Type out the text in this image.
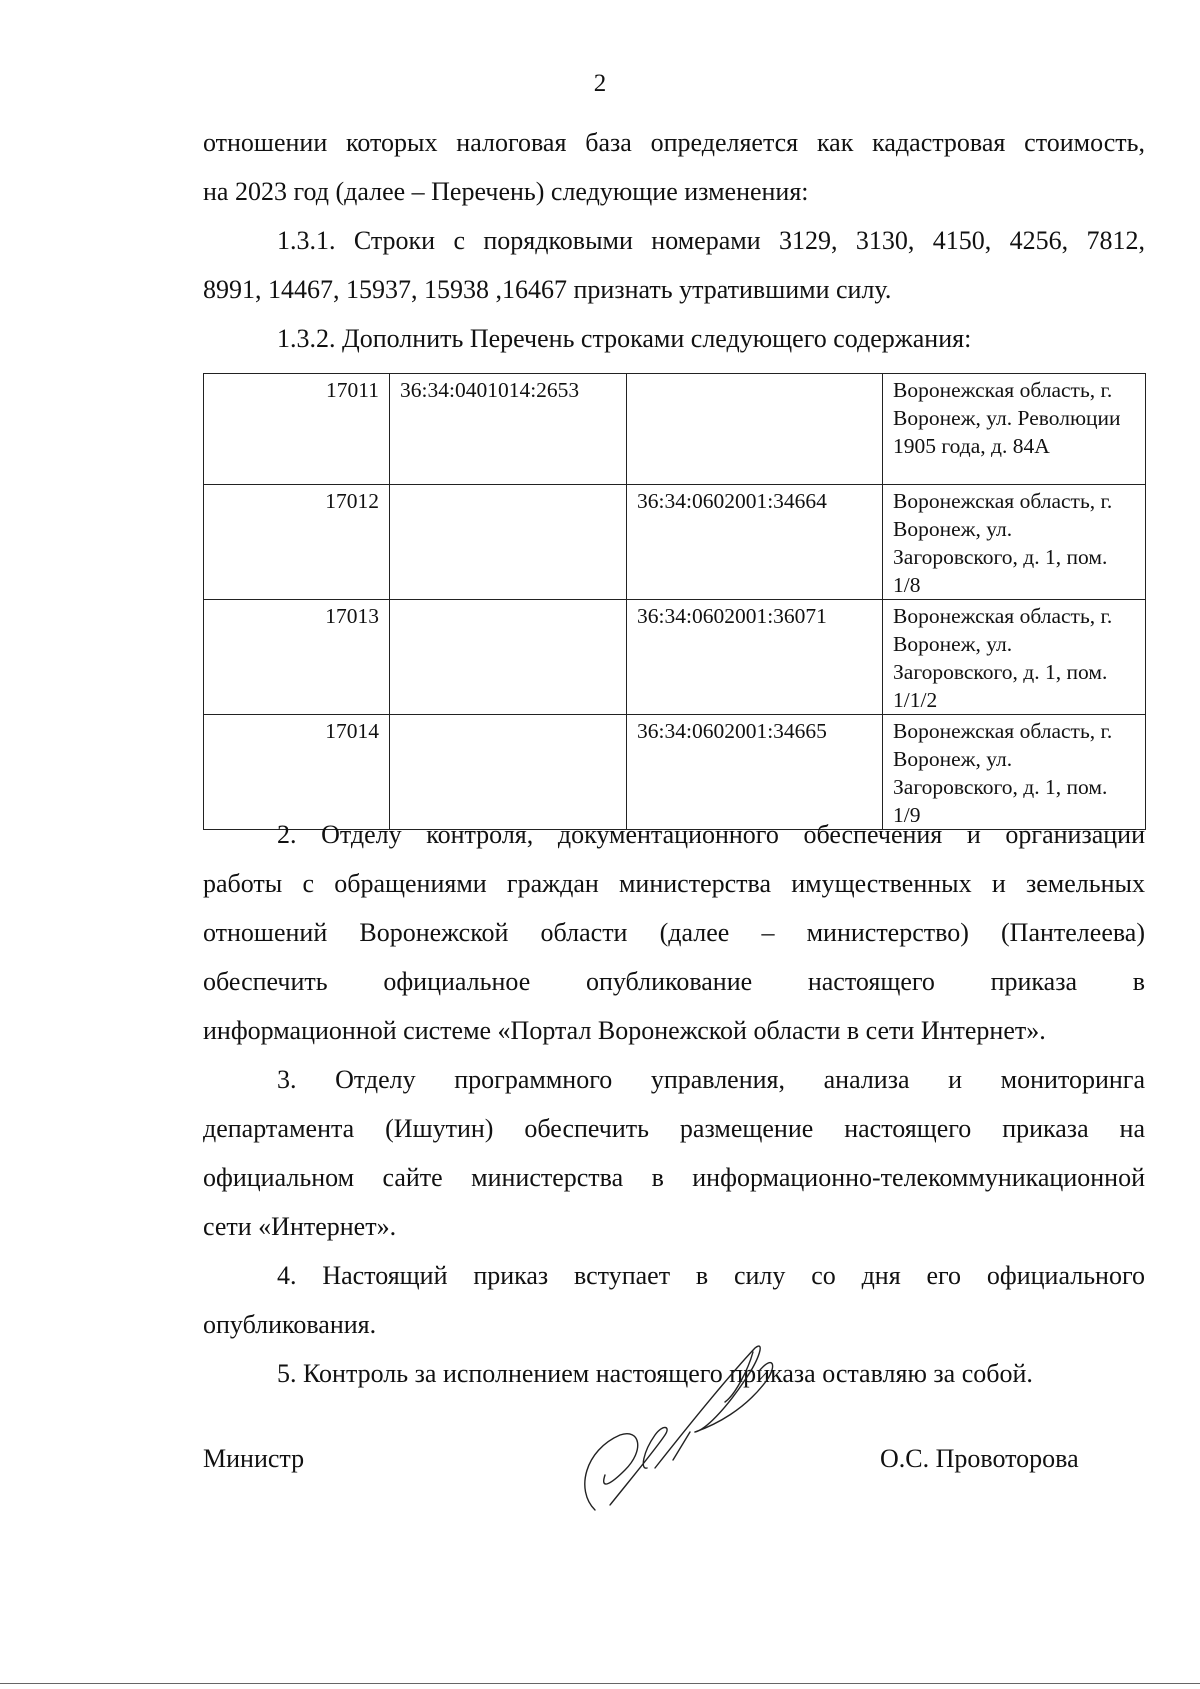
2
отношении которых налоговая база определяется как кадастровая стоимость,
на 2023 год (далее – Перечень) следующие изменения:
1.3.1. Строки с порядковыми номерами 3129, 3130, 4150, 4256, 7812,
8991, 14467, 15937, 15938 ,16467 признать утратившими силу.
1.3.2. Дополнить Перечень строками следующего содержания:
17011	36:34:0401014:2653		Воронежская область, г. Воронеж, ул. Революции 1905 года, д. 84А
17012		36:34:0602001:34664	Воронежская область, г. Воронеж, ул. Загоровского, д. 1, пом. 1/8
17013		36:34:0602001:36071	Воронежская область, г. Воронеж, ул. Загоровского, д. 1, пом. 1/1/2
17014		36:34:0602001:34665	Воронежская область, г. Воронеж, ул. Загоровского, д. 1, пом. 1/9
2. Отделу контроля, документационного обеспечения и организации
работы с обращениями граждан министерства имущественных и земельных
отношений Воронежской области (далее – министерство) (Пантелеева)
обеспечить официальное опубликование настоящего приказа в
информационной системе «Портал Воронежской области в сети Интернет».
3. Отделу программного управления, анализа и мониторинга
департамента (Ишутин) обеспечить размещение настоящего приказа на
официальном сайте министерства в информационно-телекоммуникационной
сети «Интернет».
4. Настоящий приказ вступает в силу со дня его официального
опубликования.
5. Контроль за исполнением настоящего приказа оставляю за собой.
Министр	О.С. Провоторова
